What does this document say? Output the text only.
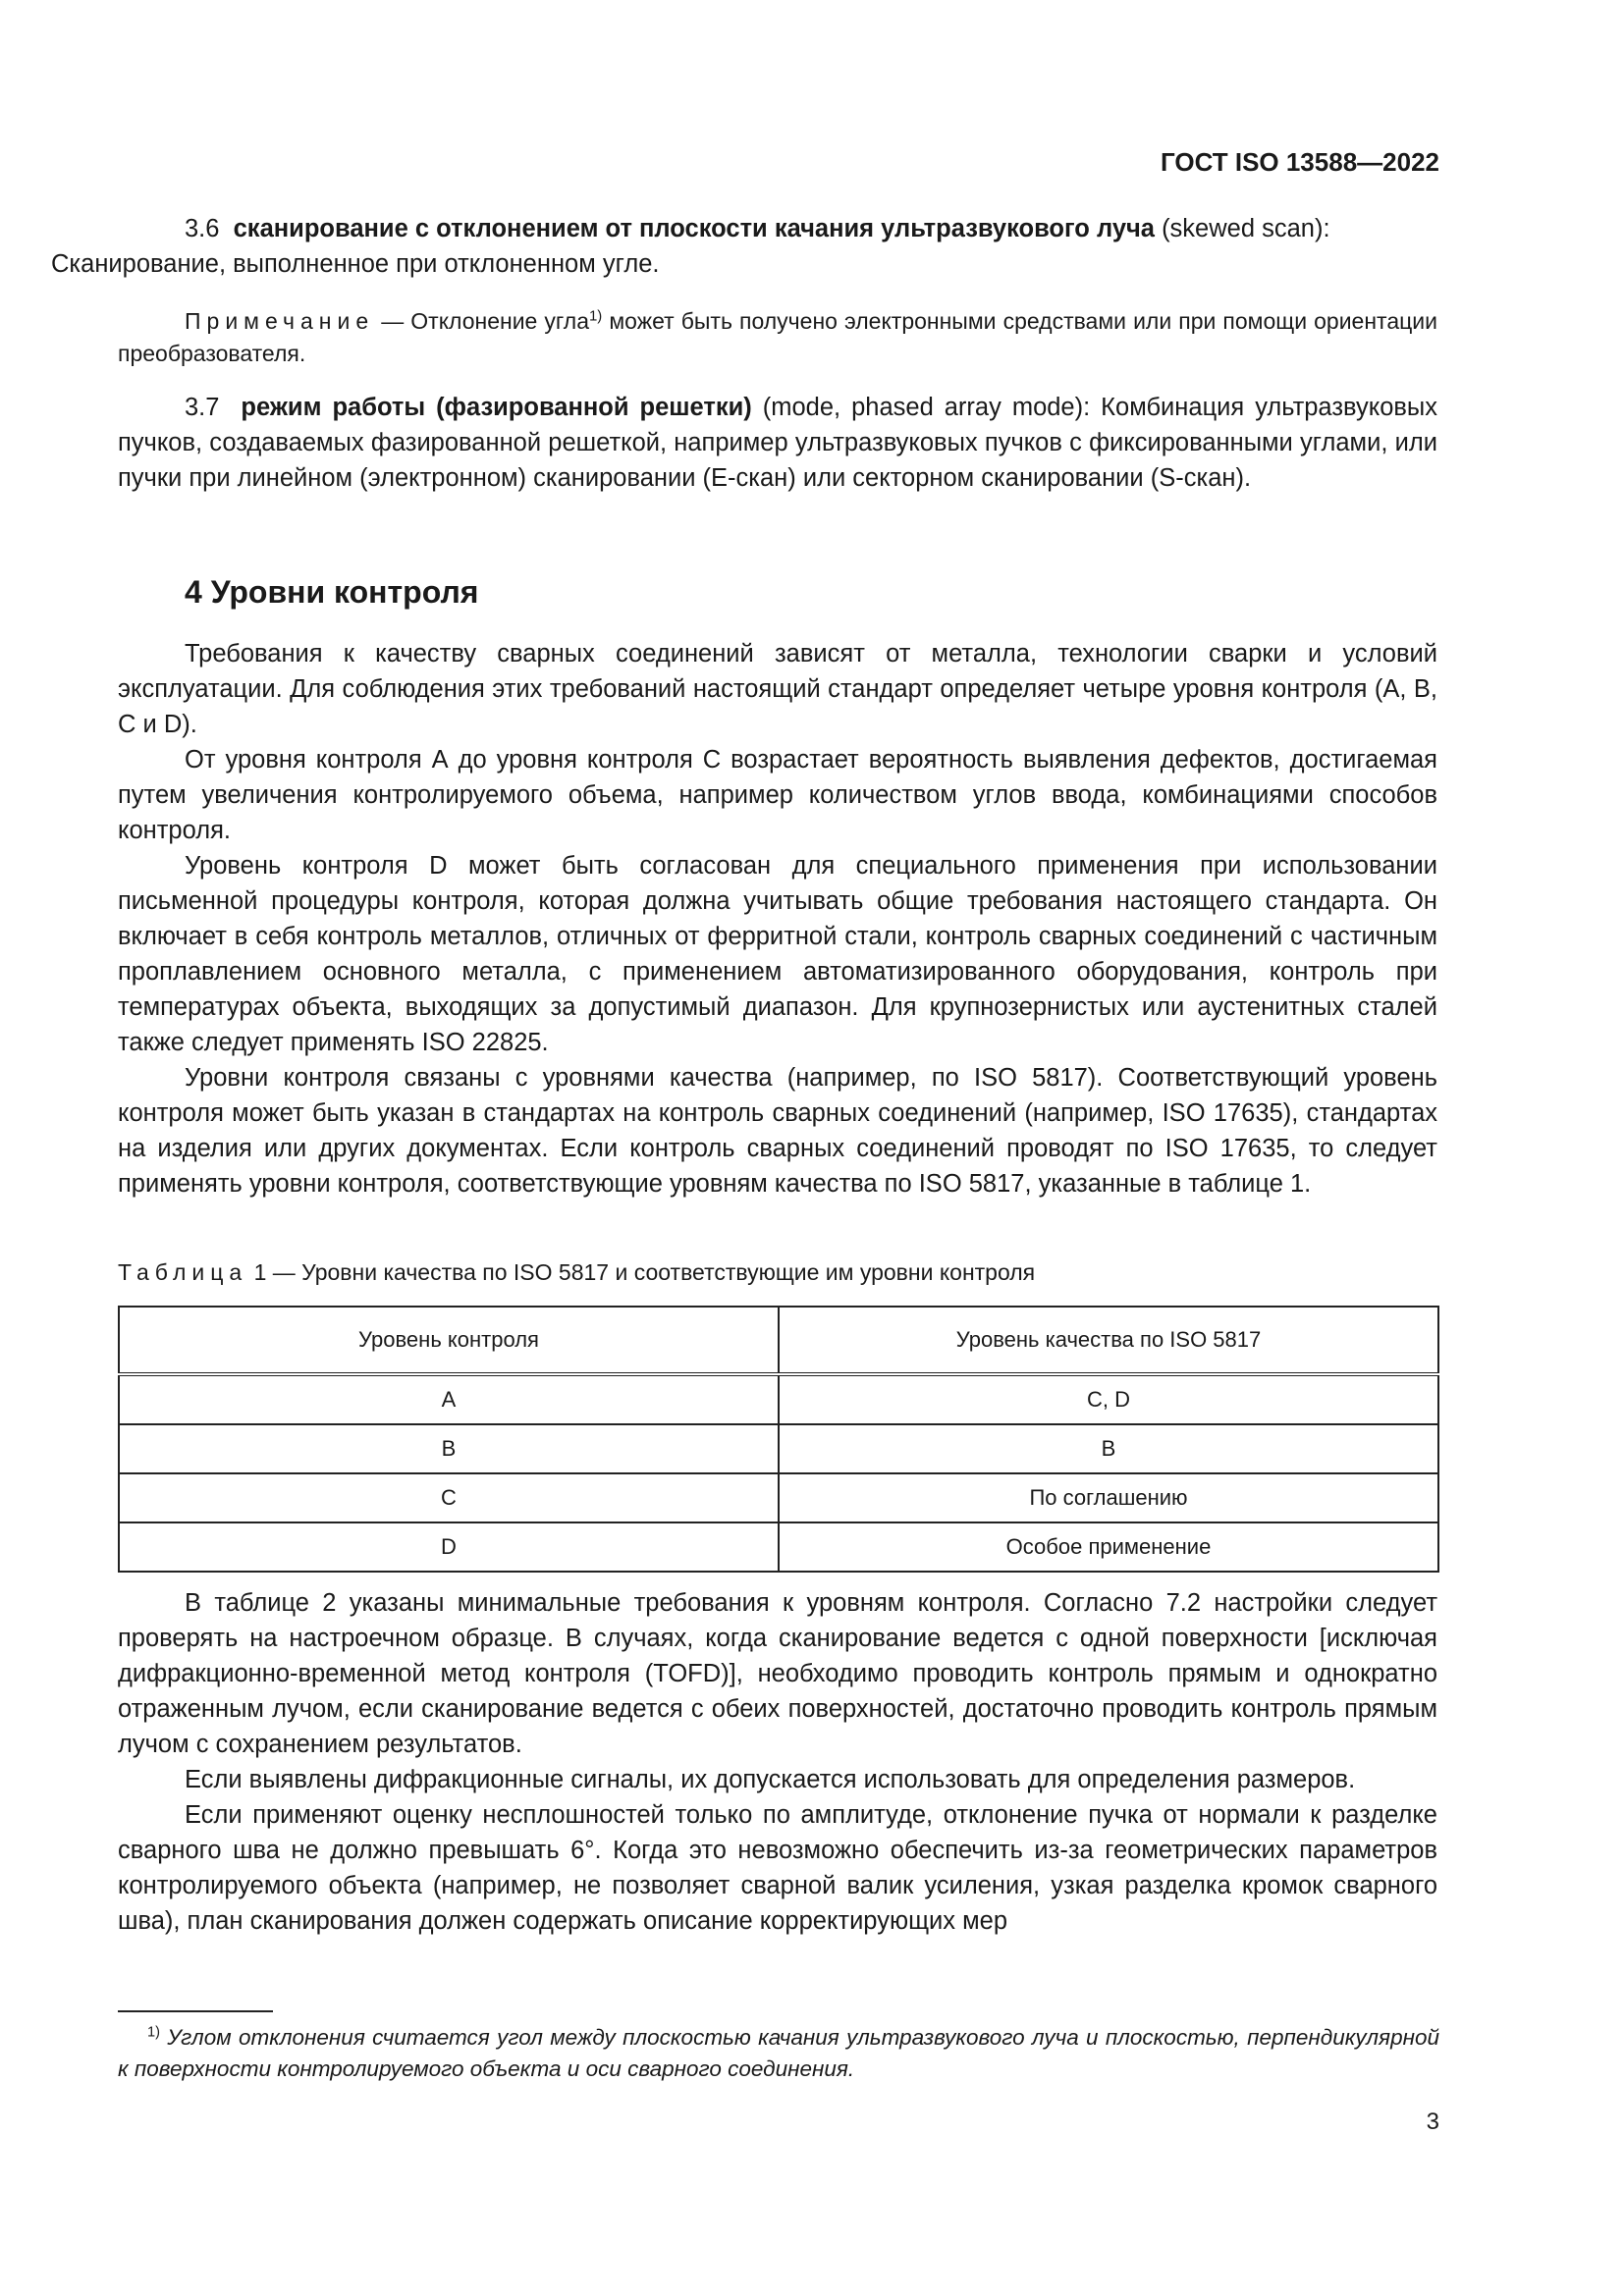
ГОСТ ISO 13588—2022

3.6 сканирование с отклонением от плоскости качания ультразвукового луча (skewed scan):
Сканирование, выполненное при отклоненном угле.

Примечание — Отклонение угла$^{1)}$ может быть получено электронными средствами или при помощи ориентации преобразователя.

3.7 режим работы (фазированной решетки) (mode, phased array mode): Комбинация ультразвуковых пучков, создаваемых фазированной решеткой, например ультразвуковых пучков с фиксированными углами, или пучки при линейном (электронном) сканировании (Е-скан) или секторном сканировании (S-скан).

4 Уровни контроля

Требования к качеству сварных соединений зависят от металла, технологии сварки и условий эксплуатации. Для соблюдения этих требований настоящий стандарт определяет четыре уровня контроля (А, В, С и D).

От уровня контроля А до уровня контроля С возрастает вероятность выявления дефектов, достигаемая путем увеличения контролируемого объема, например количеством углов ввода, комбинациями способов контроля.

Уровень контроля D может быть согласован для специального применения при использовании письменной процедуры контроля, которая должна учитывать общие требования настоящего стандарта. Он включает в себя контроль металлов, отличных от ферритной стали, контроль сварных соединений с частичным проплавлением основного металла, с применением автоматизированного оборудования, контроль при температурах объекта, выходящих за допустимый диапазон. Для крупнозернистых или аустенитных сталей также следует применять ISO 22825.

Уровни контроля связаны с уровнями качества (например, по ISO 5817). Соответствующий уровень контроля может быть указан в стандартах на контроль сварных соединений (например, ISO 17635), стандартах на изделия или других документах. Если контроль сварных соединений проводят по ISO 17635, то следует применять уровни контроля, соответствующие уровням качества по ISO 5817, указанные в таблице 1.

Таблица 1 — Уровни качества по ISO 5817 и соответствующие им уровни контроля
Уровень контроля	Уровень качества по ISO 5817
A	C, D
B	B
C	По соглашению
D	Особое применение

В таблице 2 указаны минимальные требования к уровням контроля. Согласно 7.2 настройки следует проверять на настроечном образце. В случаях, когда сканирование ведется с одной поверхности [исключая дифракционно-временной метод контроля (TOFD)], необходимо проводить контроль прямым и однократно отраженным лучом, если сканирование ведется с обеих поверхностей, достаточно проводить контроль прямым лучом с сохранением результатов.

Если выявлены дифракционные сигналы, их допускается использовать для определения размеров.

Если применяют оценку несплошностей только по амплитуде, отклонение пучка от нормали к разделке сварного шва не должно превышать 6°. Когда это невозможно обеспечить из-за геометрических параметров контролируемого объекта (например, не позволяет сварной валик усиления, узкая разделка кромок сварного шва), план сканирования должен содержать описание корректирующих мер

$^{1)}$ Углом отклонения считается угол между плоскостью качания ультразвукового луча и плоскостью, перпендикулярной к поверхности контролируемого объекта и оси сварного соединения.
3
